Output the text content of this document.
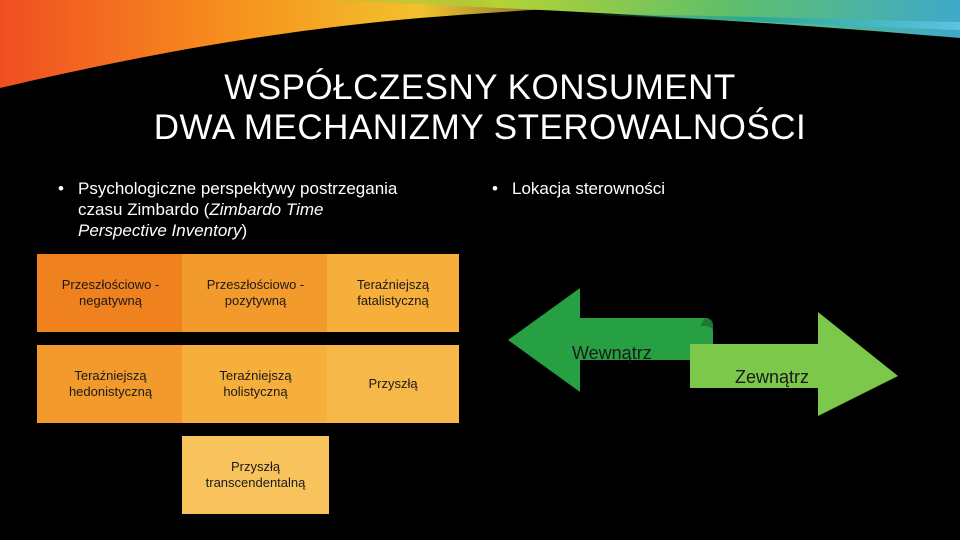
WSPÓŁCZESNY KONSUMENT
DWA MECHANIZMY STEROWALNOŚCI
• Psychologiczne perspektywy postrzegania
czasu Zimbardo (Zimbardo Time
Perspective Inventory)
• Lokacja sterowności
Przeszłościowo -
negatywną
Przeszłościowo -
pozytywną
Teraźniejszą
fatalistyczną
Teraźniejszą
hedonistyczną
Teraźniejszą
holistyczną
Przyszłą
Przyszłą
transcendentalną
Wewnątrz
Zewnątrz
